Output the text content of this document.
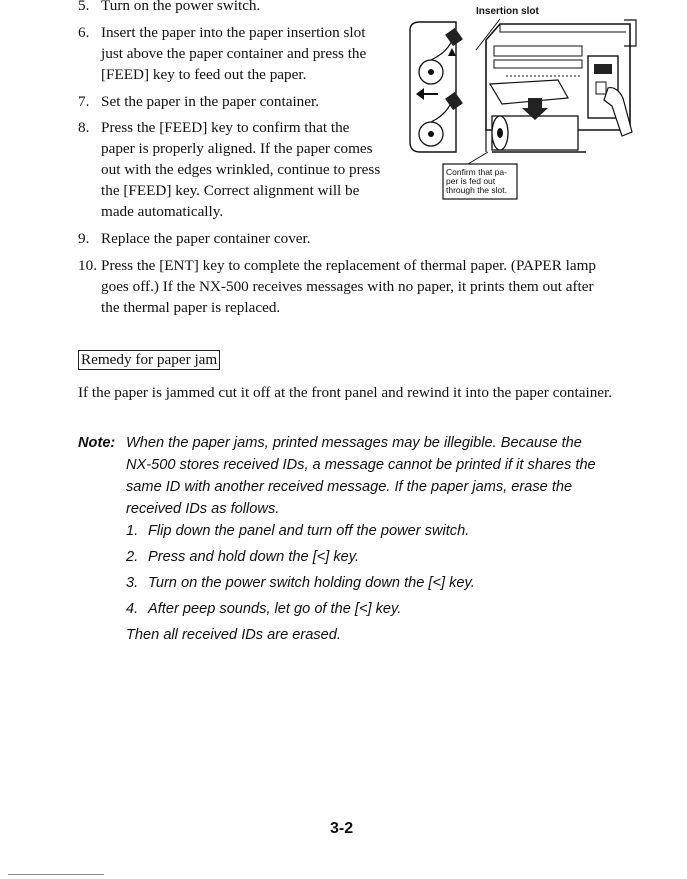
5. Turn on the power switch.
6. Insert the paper into the paper insertion slot just above the paper container and press the [FEED] key to feed out the paper.
7. Set the paper in the paper container.
8. Press the [FEED] key to confirm that the paper is properly aligned. If the paper comes out with the edges wrinkled, continue to press the [FEED] key. Correct alignment will be made automatically.
Insertion slot
Confirm that pa-
per is fed out
through the slot.
9. Replace the paper container cover.
10. Press the [ENT] key to complete the replacement of thermal paper. (PAPER lamp goes off.) If the NX-500 receives messages with no paper, it prints them out after the thermal paper is replaced.
Remedy for paper jam
If the paper is jammed cut it off at the front panel and rewind it into the paper container.
Note: When the paper jams, printed messages may be illegible. Because the NX-500 stores received IDs, a message cannot be printed if it shares the same ID with another received message. If the paper jams, erase the received IDs as follows.
1. Flip down the panel and turn off the power switch.
2. Press and hold down the [<] key.
3. Turn on the power switch holding down the [<] key.
4. After peep sounds, let go of the [<] key.
Then all received IDs are erased.
3-2
